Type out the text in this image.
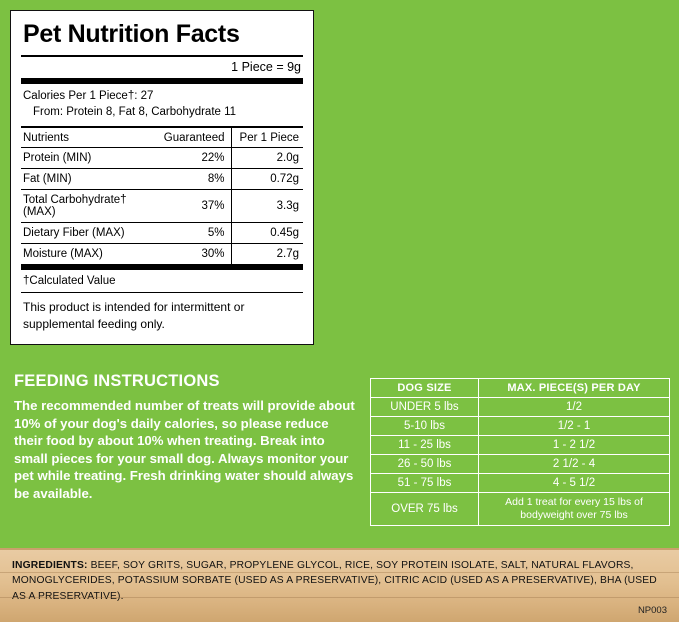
Pet Nutrition Facts
1 Piece = 9g
Calories Per 1 Piece†: 27
From: Protein 8, Fat 8, Carbohydrate 11
Nutrients	Guaranteed	Per 1 Piece
Protein (MIN)	22%	2.0g
Fat (MIN)	8%	0.72g
Total Carbohydrate† (MAX)	37%	3.3g
Dietary Fiber (MAX)	5%	0.45g
Moisture (MAX)	30%	2.7g
†Calculated Value
This product is intended for intermittent or supplemental feeding only.
FEEDING INSTRUCTIONS
The recommended number of treats will provide about 10% of your dog's daily calories, so please reduce their food by about 10% when treating. Break into small pieces for your small dog. Always monitor your pet while treating. Fresh drinking water should always be available.
DOG SIZE	MAX. PIECE(S) PER DAY
UNDER 5 lbs	1/2
5-10 lbs	1/2 - 1
11 - 25 lbs	1 - 2 1/2
26 - 50 lbs	2 1/2 - 4
51 - 75 lbs	4 - 5 1/2
OVER 75 lbs	Add 1 treat for every 15 lbs of bodyweight over 75 lbs
INGREDIENTS: BEEF, SOY GRITS, SUGAR, PROPYLENE GLYCOL, RICE, SOY PROTEIN ISOLATE, SALT, NATURAL FLAVORS, MONOGLYCERIDES, POTASSIUM SORBATE (USED AS A PRESERVATIVE), CITRIC ACID (USED AS A PRESERVATIVE), BHA (USED AS A PRESERVATIVE).
NP003
